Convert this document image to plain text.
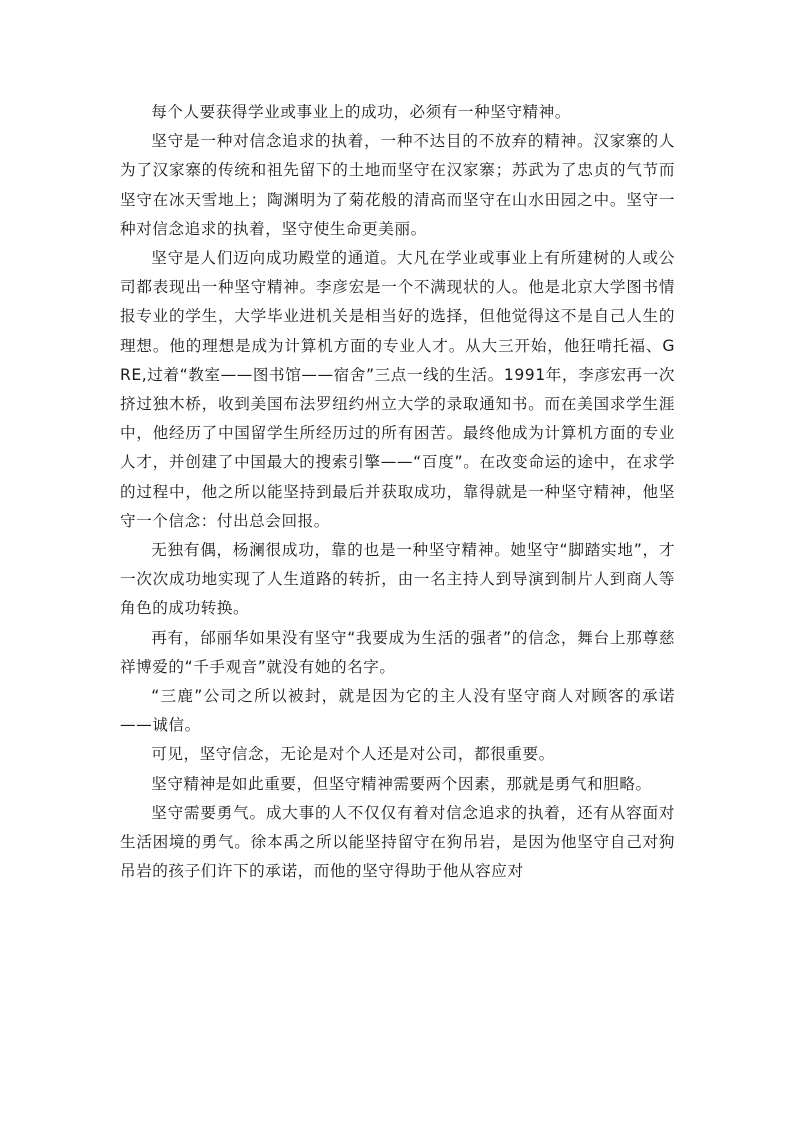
每个人要获得学业或事业上的成功，必须有一种坚守精神。

坚守是一种对信念追求的执着，一种不达目的不放弃的精神。汉家寨的人为了汉家寨的传统和祖先留下的土地而坚守在汉家寨；苏武为了忠贞的气节而坚守在冰天雪地上；陶渊明为了菊花般的清高而坚守在山水田园之中。坚守一种对信念追求的执着，坚守使生命更美丽。

坚守是人们迈向成功殿堂的通道。大凡在学业或事业上有所建树的人或公司都表现出一种坚守精神。李彦宏是一个不满现状的人。他是北京大学图书情报专业的学生，大学毕业进机关是相当好的选择，但他觉得这不是自己人生的理想。他的理想是成为计算机方面的专业人才。从大三开始，他狂啃托福、GRE,过着“教室——图书馆——宿舍”三点一线的生活。1991年，李彦宏再一次挤过独木桥，收到美国布法罗纽约州立大学的录取通知书。而在美国求学生涯中，他经历了中国留学生所经历过的所有困苦。最终他成为计算机方面的专业人才，并创建了中国最大的搜索引擎——“百度”。在改变命运的途中，在求学的过程中，他之所以能坚持到最后并获取成功，靠得就是一种坚守精神，他坚守一个信念：付出总会回报。

无独有偶，杨澜很成功，靠的也是一种坚守精神。她坚守“脚踏实地”，才一次次成功地实现了人生道路的转折，由一名主持人到导演到制片人到商人等角色的成功转换。

再有，邰丽华如果没有坚守“我要成为生活的强者”的信念，舞台上那尊慈祥博爱的“千手观音”就没有她的名字。

“三鹿”公司之所以被封，就是因为它的主人没有坚守商人对顾客的承诺——诚信。

可见，坚守信念，无论是对个人还是对公司，都很重要。

坚守精神是如此重要，但坚守精神需要两个因素，那就是勇气和胆略。

坚守需要勇气。成大事的人不仅仅有着对信念追求的执着，还有从容面对生活困境的勇气。徐本禹之所以能坚持留守在狗吊岩，是因为他坚守自己对狗吊岩的孩子们许下的承诺，而他的坚守得助于他从容应对
